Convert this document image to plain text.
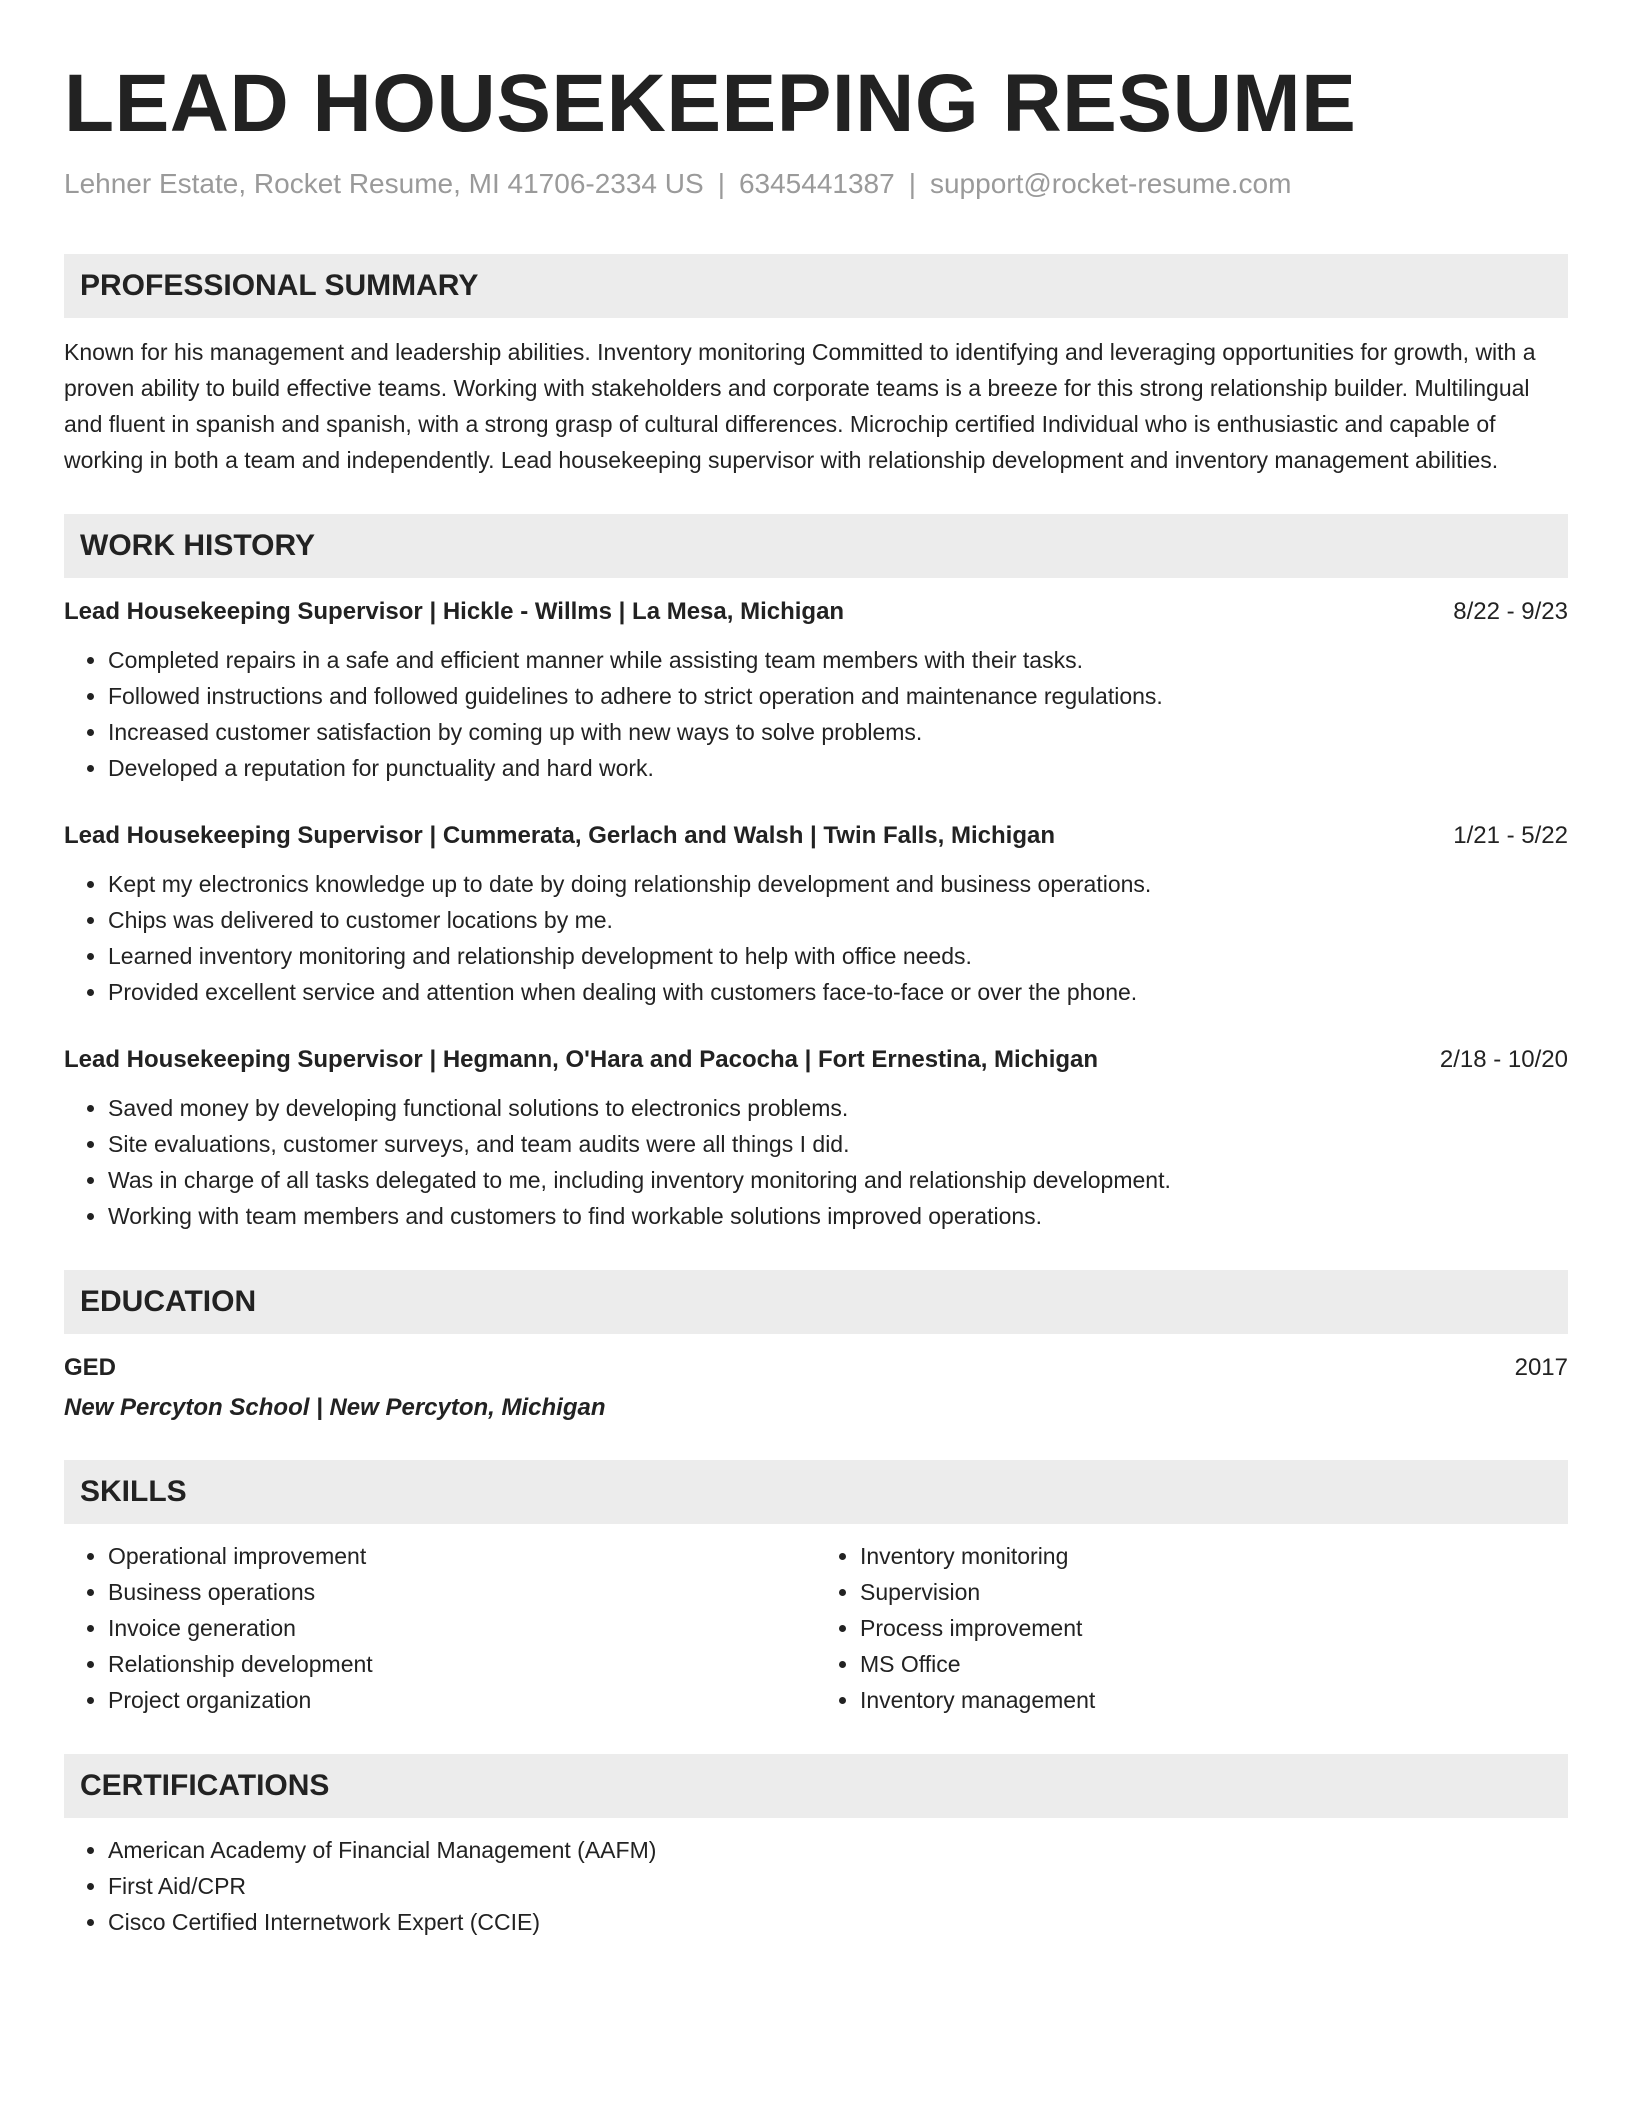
LEAD HOUSEKEEPING RESUME
Lehner Estate, Rocket Resume, MI 41706-2334 US | 6345441387 | support@rocket-resume.com
PROFESSIONAL SUMMARY
Known for his management and leadership abilities. Inventory monitoring Committed to identifying and leveraging opportunities for growth, with a proven ability to build effective teams. Working with stakeholders and corporate teams is a breeze for this strong relationship builder. Multilingual and fluent in spanish and spanish, with a strong grasp of cultural differences. Microchip certified Individual who is enthusiastic and capable of working in both a team and independently. Lead housekeeping supervisor with relationship development and inventory management abilities.
WORK HISTORY
Lead Housekeeping Supervisor | Hickle - Willms | La Mesa, Michigan	8/22 - 9/23
• Completed repairs in a safe and efficient manner while assisting team members with their tasks.
• Followed instructions and followed guidelines to adhere to strict operation and maintenance regulations.
• Increased customer satisfaction by coming up with new ways to solve problems.
• Developed a reputation for punctuality and hard work.
Lead Housekeeping Supervisor | Cummerata, Gerlach and Walsh | Twin Falls, Michigan	1/21 - 5/22
• Kept my electronics knowledge up to date by doing relationship development and business operations.
• Chips was delivered to customer locations by me.
• Learned inventory monitoring and relationship development to help with office needs.
• Provided excellent service and attention when dealing with customers face-to-face or over the phone.
Lead Housekeeping Supervisor | Hegmann, O'Hara and Pacocha | Fort Ernestina, Michigan	2/18 - 10/20
• Saved money by developing functional solutions to electronics problems.
• Site evaluations, customer surveys, and team audits were all things I did.
• Was in charge of all tasks delegated to me, including inventory monitoring and relationship development.
• Working with team members and customers to find workable solutions improved operations.
EDUCATION
GED	2017
New Percyton School | New Percyton, Michigan
SKILLS
• Operational improvement
• Business operations
• Invoice generation
• Relationship development
• Project organization
• Inventory monitoring
• Supervision
• Process improvement
• MS Office
• Inventory management
CERTIFICATIONS
• American Academy of Financial Management (AAFM)
• First Aid/CPR
• Cisco Certified Internetwork Expert (CCIE)
